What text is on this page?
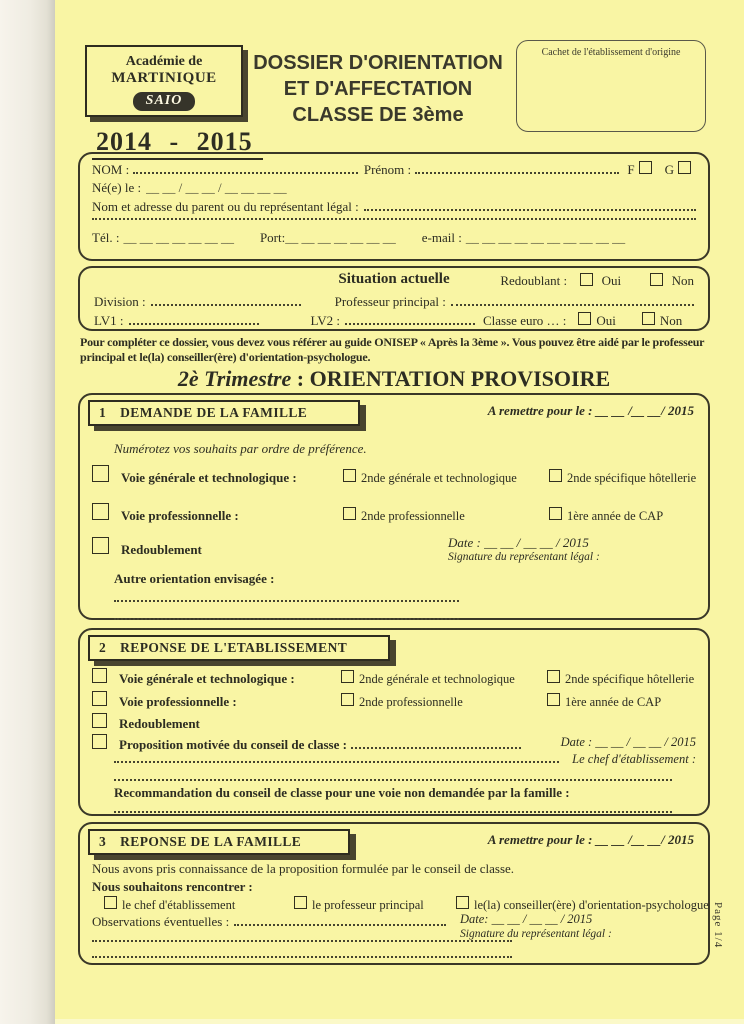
Académie de
MARTINIQUE
SAIO
DOSSIER D'ORIENTATION
ET D'AFFECTATION
CLASSE DE 3ème
Cachet de l'établissement d'origine
2014 - 2015
NOM :	Prénom :	F G
Né(e) le : __ __ / __ __ / __ __ __ __
Nom et adresse du parent ou du représentant légal :
Tél. : __ __ __ __ __ __ __ Port: __ __ __ __ __ __ __ e-mail : __ __ __ __ __ __ __ __ __ __
Situation actuelle	Redoublant :	Oui	Non
Division :	Professeur principal :
LV1 :	LV2 :	Classe euro … : Oui	Non
Pour compléter ce dossier, vous devez vous référer au guide ONISEP « Après la 3ème ». Vous pouvez être aidé par le professeur
principal et le(la) conseiller(ère) d'orientation-psychologue.
2è Trimestre : ORIENTATION PROVISOIRE
1 DEMANDE DE LA FAMILLE	A remettre pour le : __ __ /__ __/ 2015
Numérotez vos souhaits par ordre de préférence.
Voie générale et technologique :	2nde générale et technologique	2nde spécifique hôtellerie
Voie professionnelle :	2nde professionnelle	1ère année de CAP
Redoublement	Date : __ __ / __ __ / 2015
Signature du représentant légal :
Autre orientation envisagée :
2 REPONSE DE L'ETABLISSEMENT
Voie générale et technologique :	2nde générale et technologique	2nde spécifique hôtellerie
Voie professionnelle :	2nde professionnelle	1ère année de CAP
Redoublement
Proposition motivée du conseil de classe :	Date : __ __ / __ __ / 2015
Le chef d'établissement :
Recommandation du conseil de classe pour une voie non demandée par la famille :
3 REPONSE DE LA FAMILLE	A remettre pour le : __ __ /__ __/ 2015
Nous avons pris connaissance de la proposition formulée par le conseil de classe.
Nous souhaitons rencontrer :
le chef d'établissement	le professeur principal	le(la) conseiller(ère) d'orientation-psychologue
Date: __ __ / __ __ / 2015
Signature du représentant légal :
Observations éventuelles :	Page 1/4
